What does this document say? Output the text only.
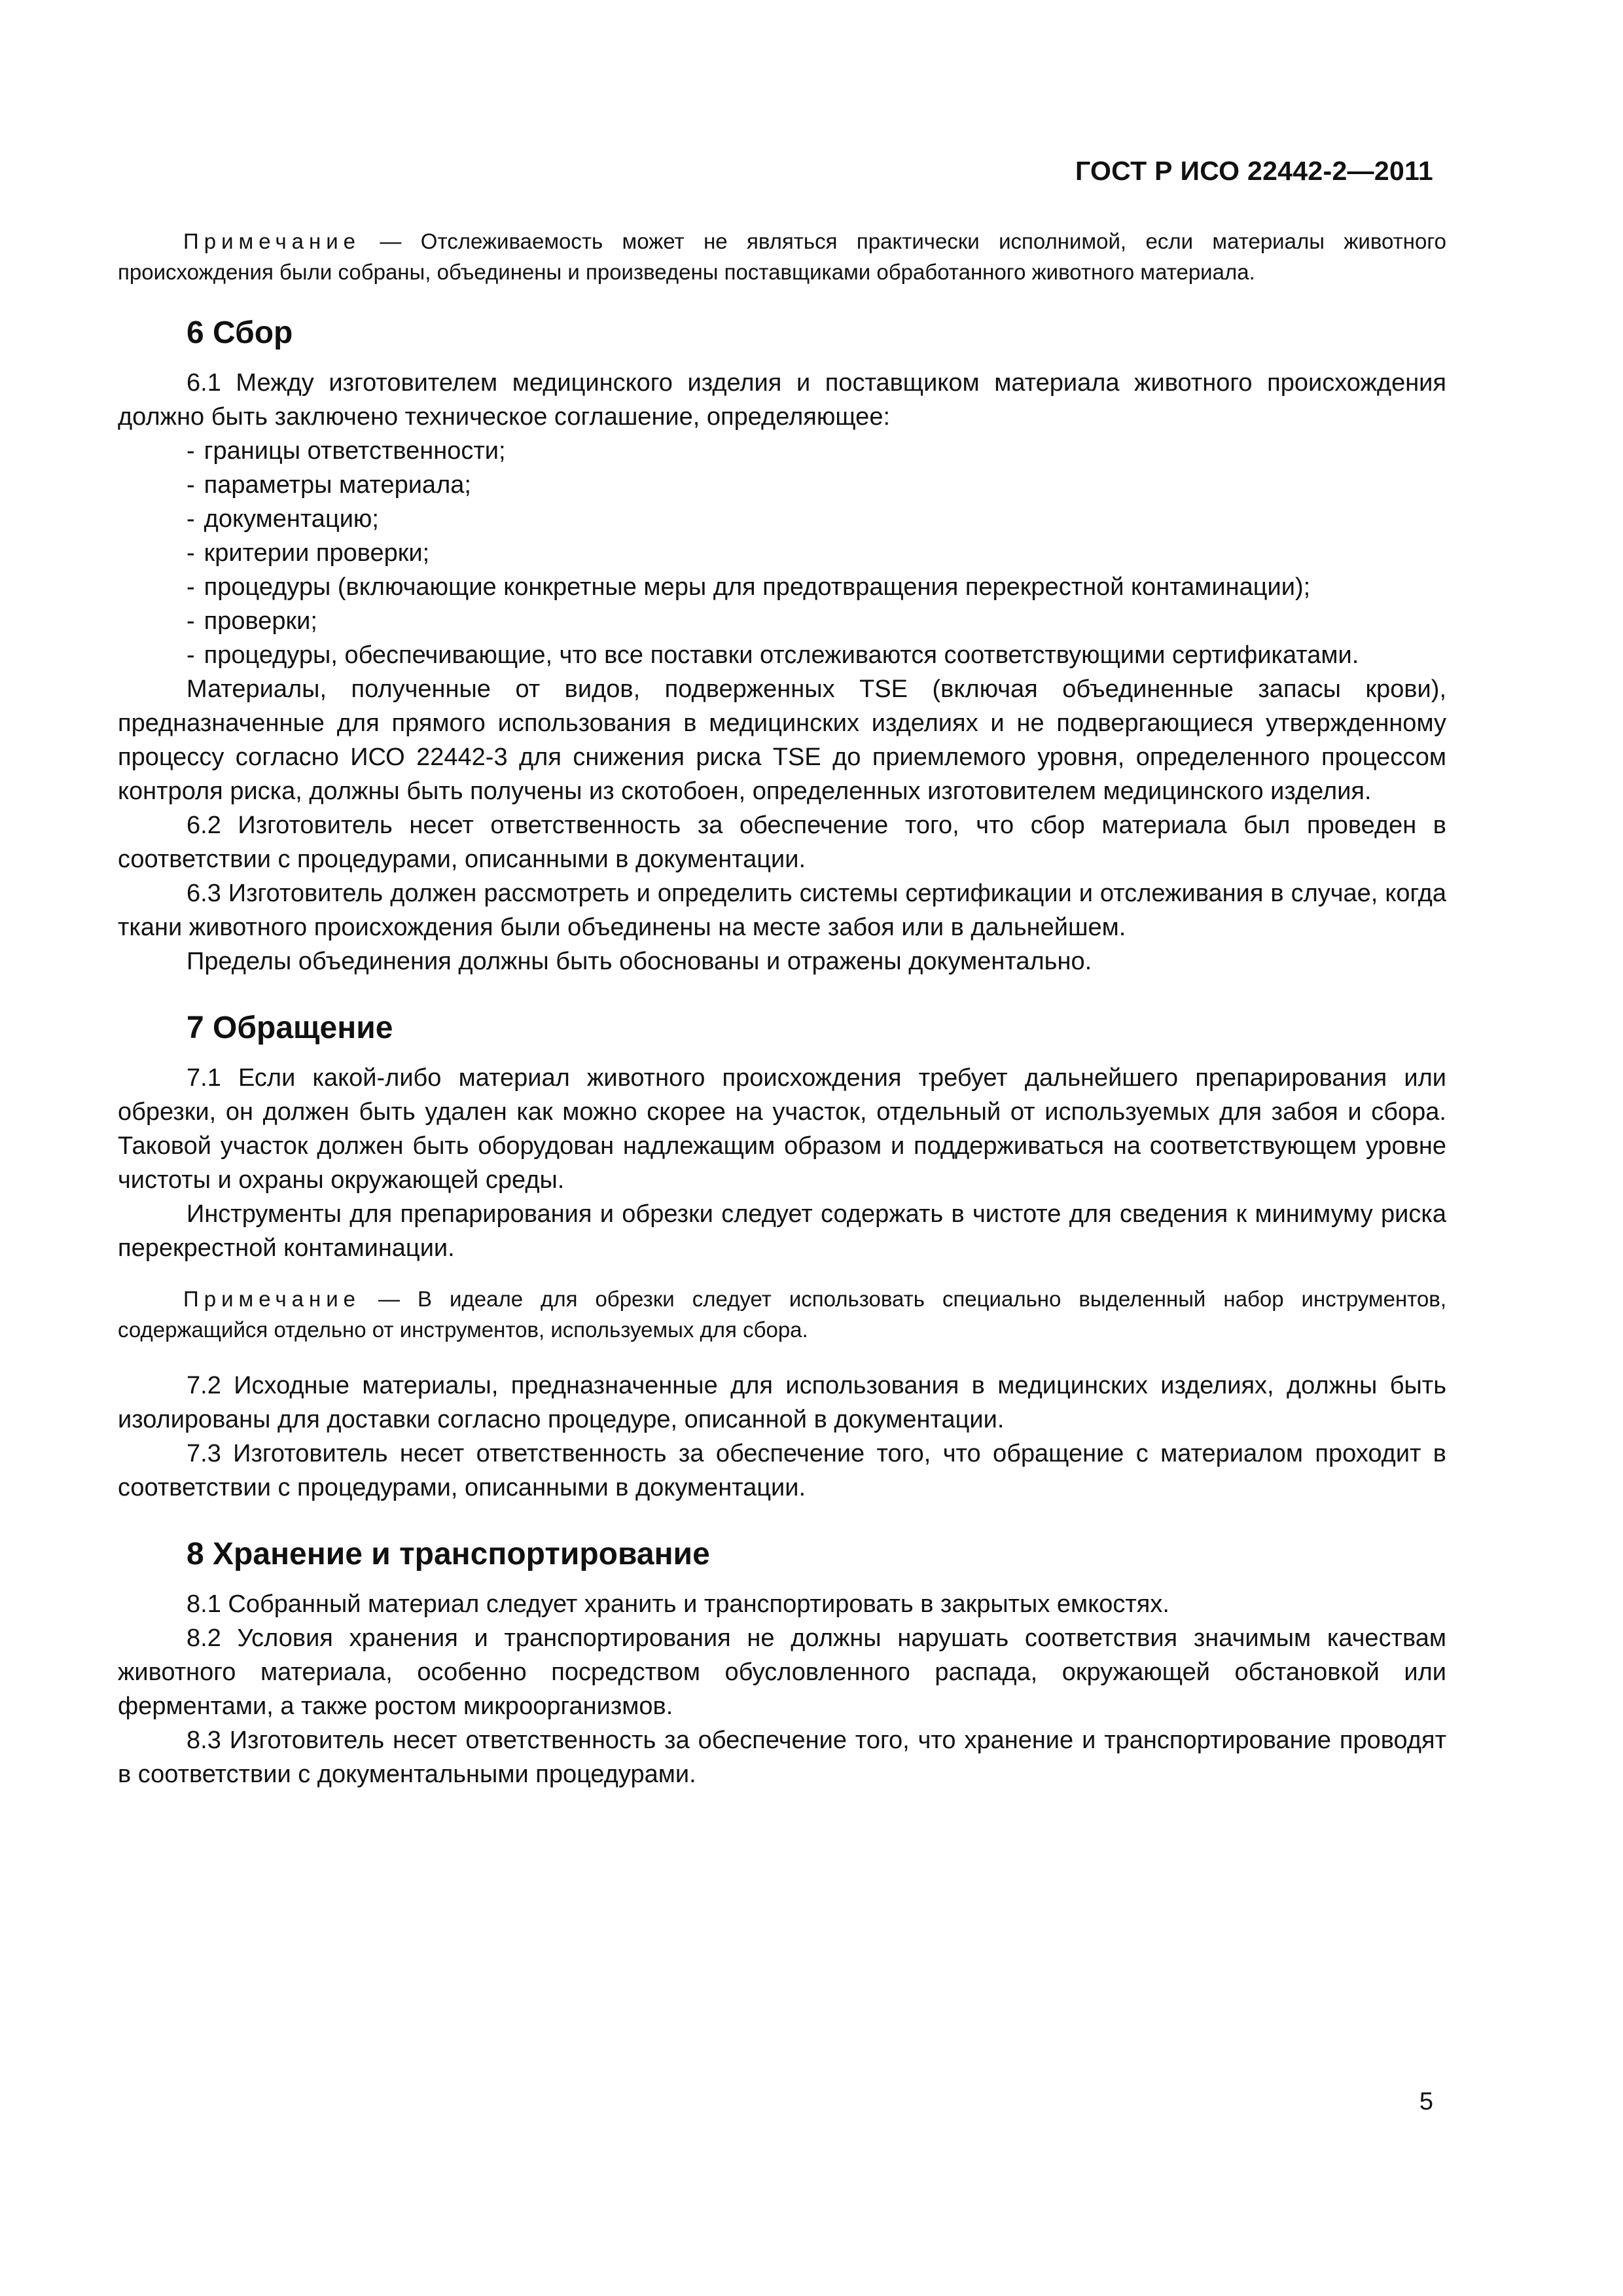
ГОСТ Р ИСО 22442-2—2011

Примечание — Отслеживаемость может не являться практически исполнимой, если материалы животного происхождения были собраны, объединены и произведены поставщиками обработанного животного материала.

6 Сбор

6.1 Между изготовителем медицинского изделия и поставщиком материала животного происхождения должно быть заключено техническое соглашение, определяющее:

- границы ответственности;

- параметры материала;

- документацию;

- критерии проверки;

- процедуры (включающие конкретные меры для предотвращения перекрестной контаминации);

- проверки;

- процедуры, обеспечивающие, что все поставки отслеживаются соответствующими сертификатами.

Материалы, полученные от видов, подверженных TSE (включая объединенные запасы крови), предназначенные для прямого использования в медицинских изделиях и не подвергающиеся утвержденному процессу согласно ИСО 22442-3 для снижения риска TSE до приемлемого уровня, определенного процессом контроля риска, должны быть получены из скотобоен, определенных изготовителем медицинского изделия.

6.2 Изготовитель несет ответственность за обеспечение того, что сбор материала был проведен в соответствии с процедурами, описанными в документации.

6.3 Изготовитель должен рассмотреть и определить системы сертификации и отслеживания в случае, когда ткани животного происхождения были объединены на месте забоя или в дальнейшем.

Пределы объединения должны быть обоснованы и отражены документально.

7 Обращение

7.1 Если какой-либо материал животного происхождения требует дальнейшего препарирования или обрезки, он должен быть удален как можно скорее на участок, отдельный от используемых для забоя и сбора. Таковой участок должен быть оборудован надлежащим образом и поддерживаться на соответствующем уровне чистоты и охраны окружающей среды.

Инструменты для препарирования и обрезки следует содержать в чистоте для сведения к минимуму риска перекрестной контаминации.

Примечание — В идеале для обрезки следует использовать специально выделенный набор инструментов, содержащийся отдельно от инструментов, используемых для сбора.

7.2 Исходные материалы, предназначенные для использования в медицинских изделиях, должны быть изолированы для доставки согласно процедуре, описанной в документации.

7.3 Изготовитель несет ответственность за обеспечение того, что обращение с материалом проходит в соответствии с процедурами, описанными в документации.

8 Хранение и транспортирование

8.1 Собранный материал следует хранить и транспортировать в закрытых емкостях.

8.2 Условия хранения и транспортирования не должны нарушать соответствия значимым качествам животного материала, особенно посредством обусловленного распада, окружающей обстановкой или ферментами, а также ростом микроорганизмов.

8.3 Изготовитель несет ответственность за обеспечение того, что хранение и транспортирование проводят в соответствии с документальными процедурами.

5
